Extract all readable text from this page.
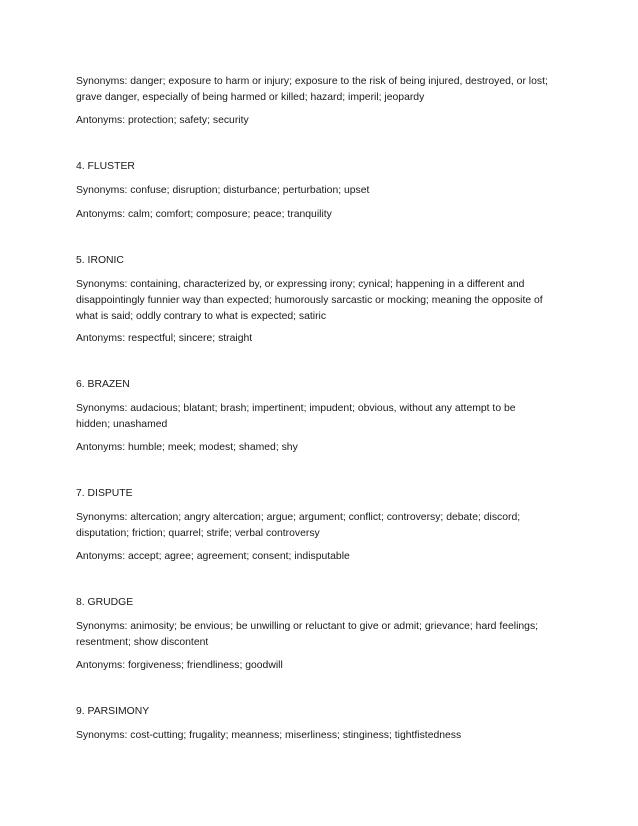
Synonyms: danger; exposure to harm or injury; exposure to the risk of being injured, destroyed, or lost;
grave danger, especially of being harmed or killed; hazard; imperil; jeopardy
Antonyms: protection; safety; security
4. FLUSTER
Synonyms: confuse; disruption; disturbance; perturbation; upset
Antonyms: calm; comfort; composure; peace; tranquility
5. IRONIC
Synonyms: containing, characterized by, or expressing irony; cynical; happening in a different and
disappointingly funnier way than expected; humorously sarcastic or mocking; meaning the opposite of
what is said; oddly contrary to what is expected; satiric
Antonyms: respectful; sincere; straight
6. BRAZEN
Synonyms: audacious; blatant; brash; impertinent; impudent; obvious, without any attempt to be
hidden; unashamed
Antonyms: humble; meek; modest; shamed; shy
7. DISPUTE
Synonyms: altercation; angry altercation; argue; argument; conflict; controversy; debate; discord;
disputation; friction; quarrel; strife; verbal controversy
Antonyms: accept; agree; agreement; consent; indisputable
8. GRUDGE
Synonyms: animosity; be envious; be unwilling or reluctant to give or admit; grievance; hard feelings;
resentment; show discontent
Antonyms: forgiveness; friendliness; goodwill
9. PARSIMONY
Synonyms: cost-cutting; frugality; meanness; miserliness; stinginess; tightfistedness
